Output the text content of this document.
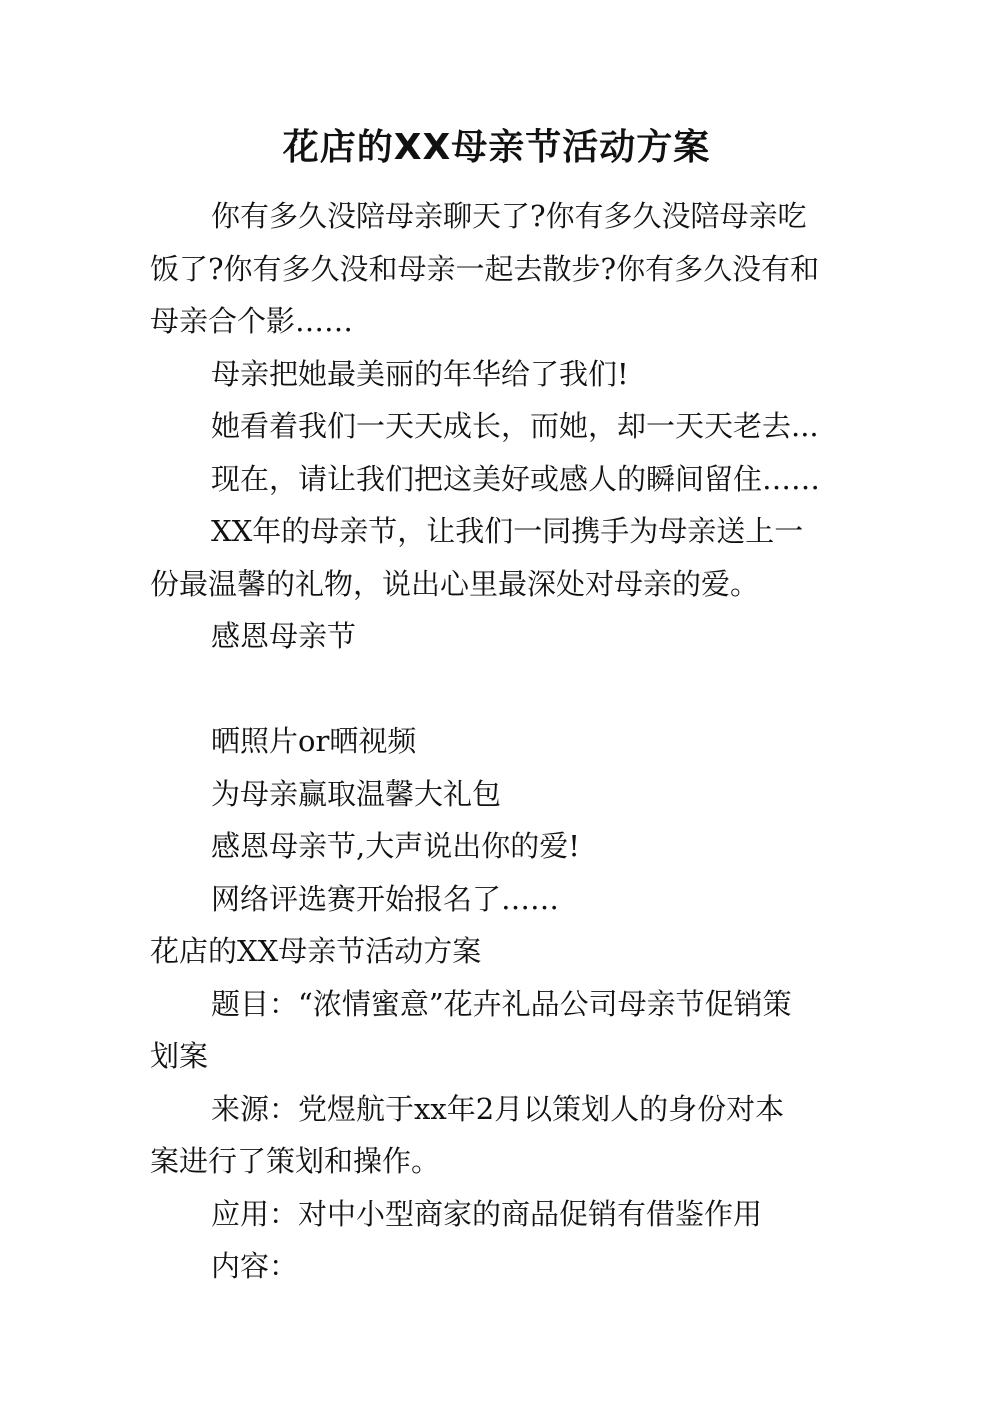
花店的XX母亲节活动方案

你有多久没陪母亲聊天了?你有多久没陪母亲吃

饭了?你有多久没和母亲一起去散步?你有多久没有和

母亲合个影……

母亲把她最美丽的年华给了我们!

她看着我们一天天成长，而她，却一天天老去...

现在，请让我们把这美好或感人的瞬间留住……

XX年的母亲节，让我们一同携手为母亲送上一

份最温馨的礼物，说出心里最深处对母亲的爱。

感恩母亲节

晒照片or晒视频

为母亲赢取温馨大礼包

感恩母亲节,大声说出你的爱!

网络评选赛开始报名了……

花店的XX母亲节活动方案

题目：“浓情蜜意”花卉礼品公司母亲节促销策

划案

来源：党煜航于xx年2月以策划人的身份对本

案进行了策划和操作。

应用：对中小型商家的商品促销有借鉴作用

内容：
